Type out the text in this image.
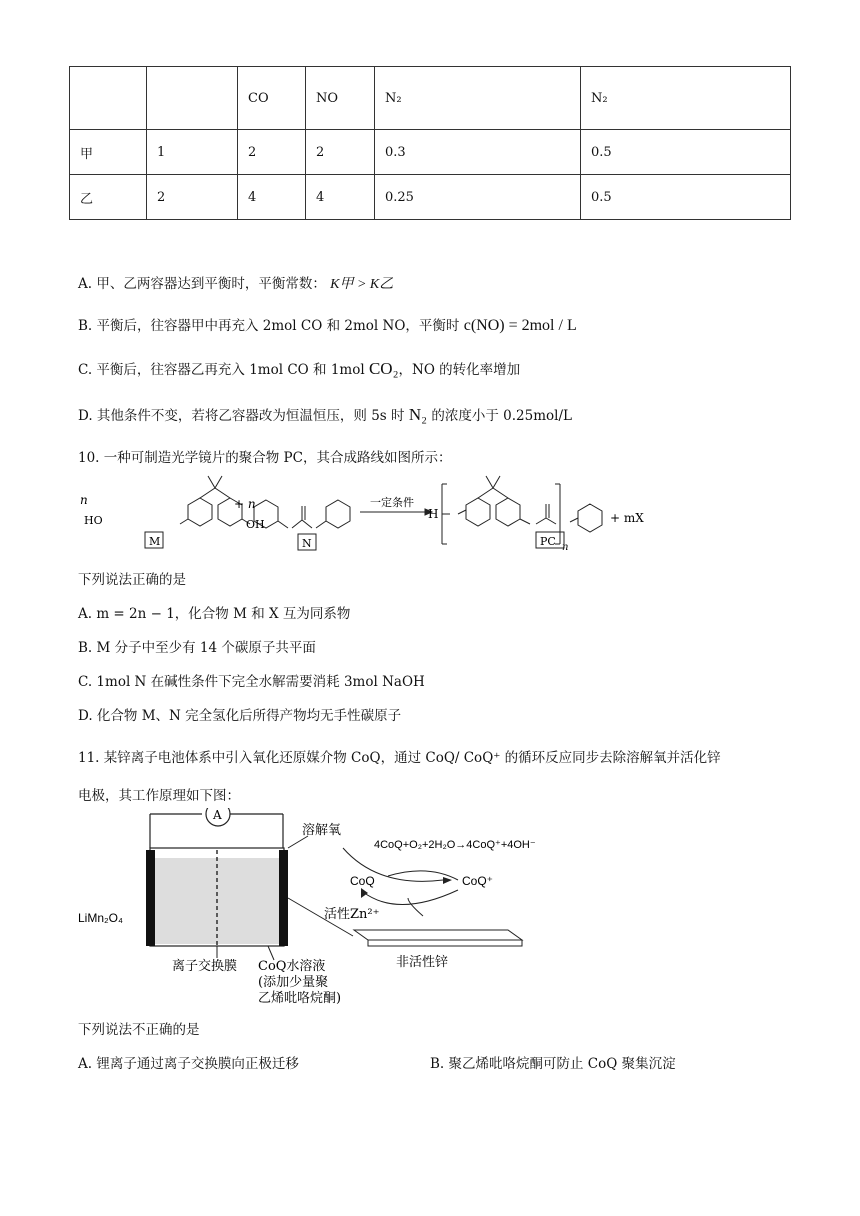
		CO	NO	N₂	N₂
甲	1	2	2	0.3	0.5
乙	2	4	4	0.25	0.5
A. 甲、乙两容器达到平衡时，平衡常数： K甲 > K乙
B. 平衡后，往容器甲中再充入 2mol CO 和 2mol NO，平衡时 c(NO) = 2mol / L
C. 平衡后，往容器乙再充入 1mol CO 和 1mol CO₂，NO 的转化率增加
D. 其他条件不变，若将乙容器改为恒温恒压，则 5s 时 N₂ 的浓度小于 0.25mol/L
10. 一种可制造光学镜片的聚合物 PC，其合成路线如图所示：
n
HO	OH
+ n	一定条件
H
n
+ mX
M	N	PC
下列说法正确的是
A. m = 2n − 1，化合物 M 和 X 互为同系物
B. M 分子中至少有 14 个碳原子共平面
C. 1mol N 在碱性条件下完全水解需要消耗 3mol NaOH
D. 化合物 M、N 完全氢化后所得产物均无手性碳原子
11. 某锌离子电池体系中引入氧化还原媒介物 CoQ，通过 CoQ/ CoQ⁺ 的循环反应同步去除溶解氧并活化锌
电极，其工作原理如下图：
A
溶解氧
4CoQ+O₂+2H₂O→4CoQ⁺+4OH⁻
CoQ	CoQ⁺
活性Zn²⁺
LiMn₂O₄
离子交换膜 CoQ水溶液
(添加少量聚
乙烯吡咯烷酮)
非活性锌
下列说法不正确的是
A. 锂离子通过离子交换膜向正极迁移	B. 聚乙烯吡咯烷酮可防止 CoQ 聚集沉淀
